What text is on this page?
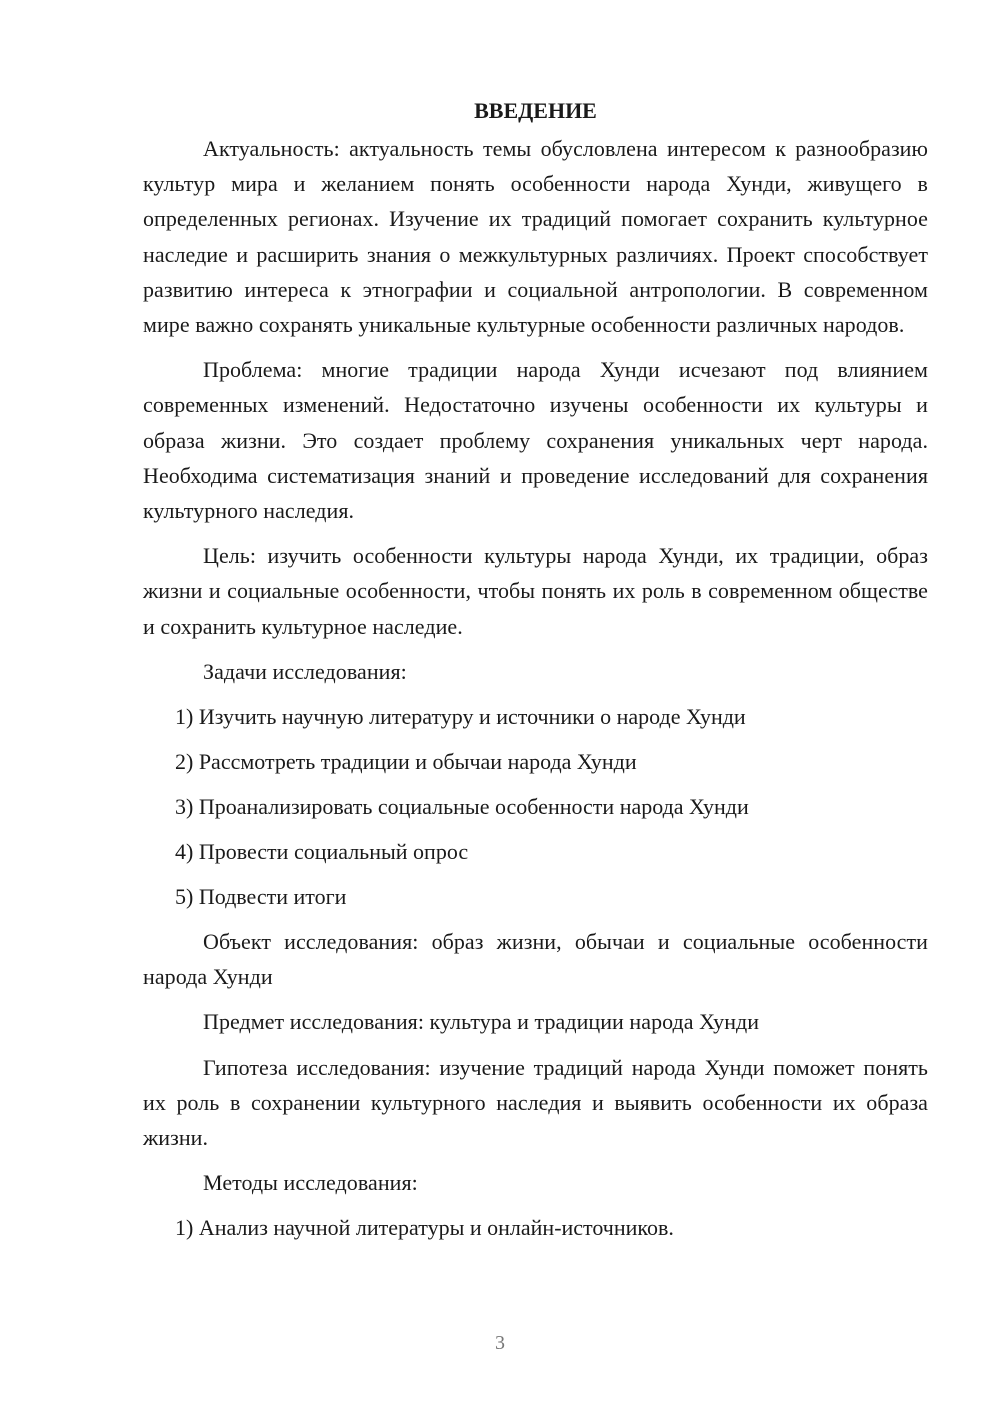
ВВЕДЕНИЕ

Актуальность: актуальность темы обусловлена интересом к разнообразию культур мира и желанием понять особенности народа Хунди, живущего в определенных регионах. Изучение их традиций помогает сохранить культурное наследие и расширить знания о межкультурных различиях. Проект способствует развитию интереса к этнографии и социальной антропологии. В современном мире важно сохранять уникальные культурные особенности различных народов.

Проблема: многие традиции народа Хунди исчезают под влиянием современных изменений. Недостаточно изучены особенности их культуры и образа жизни. Это создает проблему сохранения уникальных черт народа. Необходима систематизация знаний и проведение исследований для сохранения культурного наследия.

Цель: изучить особенности культуры народа Хунди, их традиции, образ жизни и социальные особенности, чтобы понять их роль в современном обществе и сохранить культурное наследие.

Задачи исследования:

1) Изучить научную литературу и источники о народе Хунди

2) Рассмотреть традиции и обычаи народа Хунди

3) Проанализировать социальные особенности народа Хунди

4) Провести социальный опрос

5) Подвести итоги

Объект исследования: образ жизни, обычаи и социальные особенности народа Хунди

Предмет исследования: культура и традиции народа Хунди

Гипотеза исследования: изучение традиций народа Хунди поможет понять их роль в сохранении культурного наследия и выявить особенности их образа жизни.

Методы исследования:

1) Анализ научной литературы и онлайн-источников.

3
